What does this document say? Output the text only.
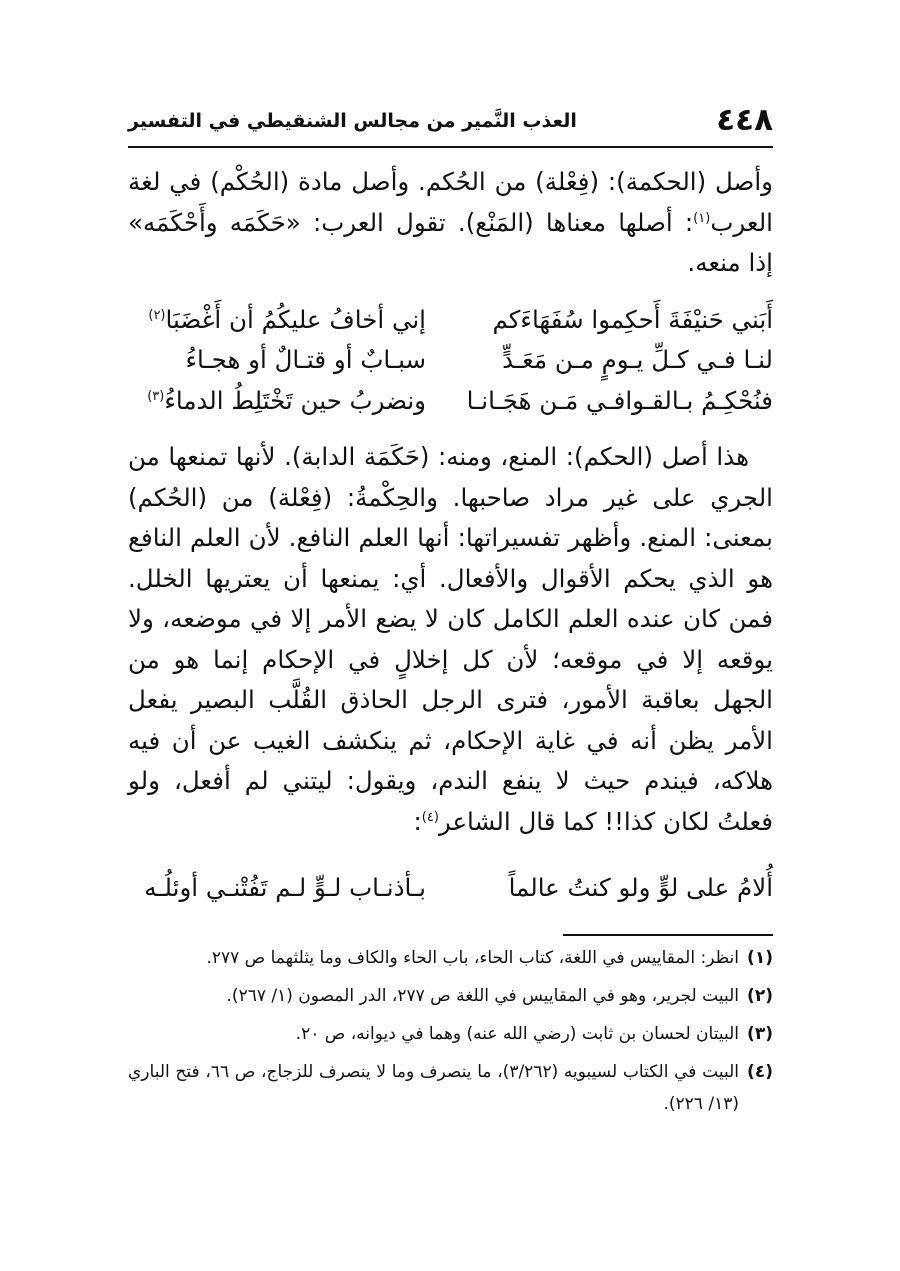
٤٤٨
العذب النَّمير من مجالس الشنقيطي في التفسير

وأصل (الحكمة): (فِعْلة) من الحُكم. وأصل مادة (الحُكْم) في لغة العرب$^{(١)}$: أصلها معناها (المَنْع). تقول العرب: «حَكَمَه وأَحْكَمَه» إذا منعه.

أَبَني حَنيْفَةَ أَحكِموا سُفَهَاءَكم
إني أخافُ عليكُمُ أن أَغْضَبَا$^{(٢)}$
لنـا فـي كـلِّ يـومٍ مـن مَعَـدٍّ
سبـابٌ أو قتـالٌ أو هجـاءُ
فنُحْكِـمُ بـالقـوافـي مَـن هَجَـانـا
ونضربُ حين تَخْتَلِطُ الدماءُ$^{(٣)}$

هذا أصل (الحكم): المنع، ومنه: (حَكَمَة الدابة). لأنها تمنعها من الجري على غير مراد صاحبها. والحِكْمةُ: (فِعْلة) من (الحُكم) بمعنى: المنع. وأظهر تفسيراتها: أنها العلم النافع. لأن العلم النافع هو الذي يحكم الأقوال والأفعال. أي: يمنعها أن يعتريها الخلل. فمن كان عنده العلم الكامل كان لا يضع الأمر إلا في موضعه، ولا يوقعه إلا في موقعه؛ لأن كل إخلالٍ في الإحكام إنما هو من الجهل بعاقبة الأمور، فترى الرجل الحاذق القُلَّب البصير يفعل الأمر يظن أنه في غاية الإحكام، ثم ينكشف الغيب عن أن فيه هلاكه، فيندم حيث لا ينفع الندم، ويقول: ليتني لم أفعل، ولو فعلتُ لكان كذا!! كما قال الشاعر$^{(٤)}$:

أُلامُ على لوٍّ ولو كنتُ عالماً
بـأذنـاب لـوٍّ لـم تَفُتْنـي أوئلُـه
(١)
انظر: المقاييس في اللغة، كتاب الحاء، باب الحاء والكاف وما يثلثهما ص ٢٧٧.
(٢)
البيت لجرير، وهو في المقاييس في اللغة ص ٢٧٧، الدر المصون (١/ ٢٦٧).
(٣)
البيتان لحسان بن ثابت (رضي الله عنه) وهما في ديوانه، ص ٢٠.
(٤)
البيت في الكتاب لسيبويه (٣/٢٦٢)، ما ينصرف وما لا ينصرف للزجاج، ص ٦٦، فتح الباري (١٣/ ٢٢٦).
